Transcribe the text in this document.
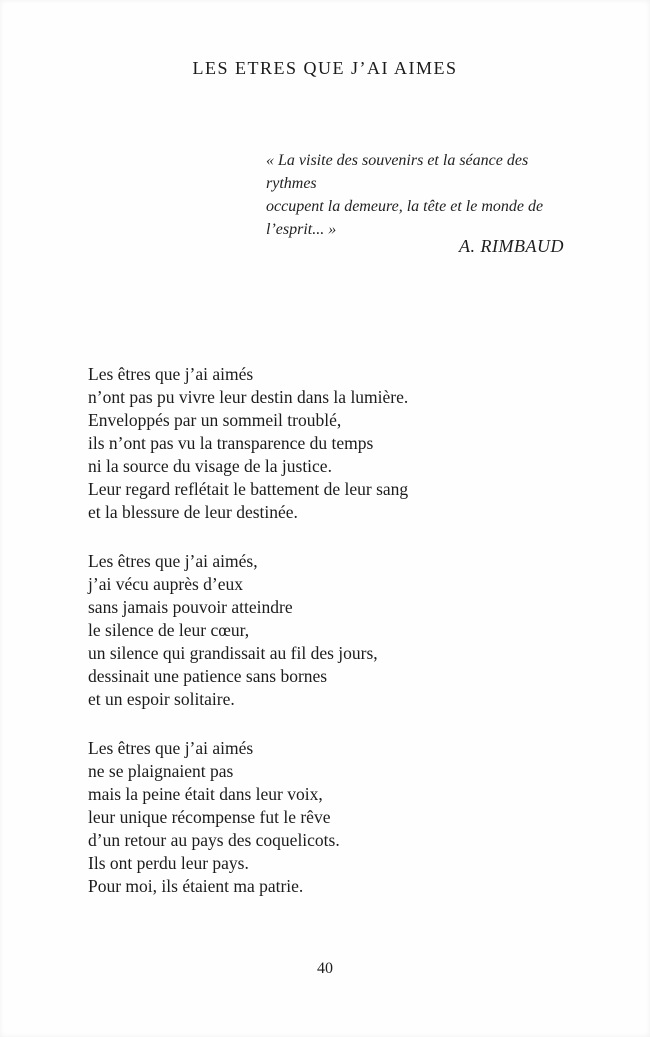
LES ETRES QUE J’AI AIMES
« La visite des souvenirs et la séance des rythmes
occupent la demeure, la tête et le monde de
l’esprit... »
A. RIMBAUD
Les êtres que j’ai aimés
n’ont pas pu vivre leur destin dans la lumière.
Enveloppés par un sommeil troublé,
ils n’ont pas vu la transparence du temps
ni la source du visage de la justice.
Leur regard reflétait le battement de leur sang
et la blessure de leur destinée.
Les êtres que j’ai aimés,
j’ai vécu auprès d’eux
sans jamais pouvoir atteindre
le silence de leur cœur,
un silence qui grandissait au fil des jours,
dessinait une patience sans bornes
et un espoir solitaire.
Les êtres que j’ai aimés
ne se plaignaient pas
mais la peine était dans leur voix,
leur unique récompense fut le rêve
d’un retour au pays des coquelicots.
Ils ont perdu leur pays.
Pour moi, ils étaient ma patrie.
40
